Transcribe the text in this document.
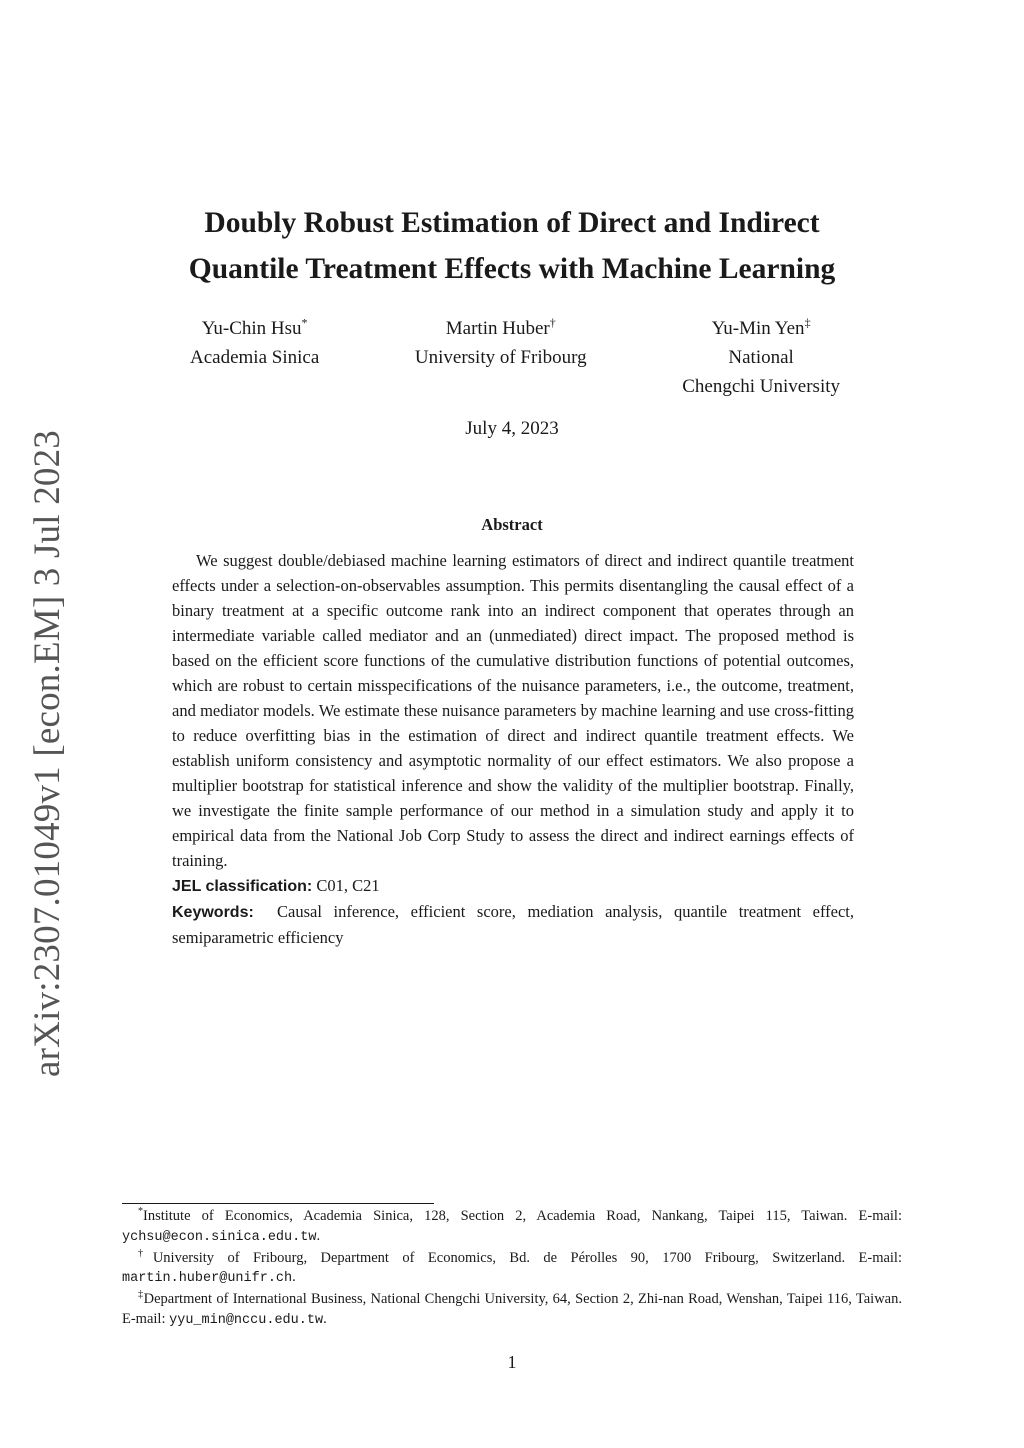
arXiv:2307.01049v1 [econ.EM] 3 Jul 2023
Doubly Robust Estimation of Direct and Indirect
Quantile Treatment Effects with Machine Learning
Yu-Chin Hsu*
Academia Sinica
Martin Huber†
University of Fribourg
Yu-Min Yen‡
National
Chengchi University
July 4, 2023
Abstract

We suggest double/debiased machine learning estimators of direct and indirect quantile treatment effects under a selection-on-observables assumption. This permits disentangling the causal effect of a binary treatment at a specific outcome rank into an indirect component that operates through an intermediate variable called mediator and an (unmediated) direct impact. The proposed method is based on the efficient score functions of the cumulative distribution functions of potential outcomes, which are robust to certain misspecifications of the nuisance parameters, i.e., the outcome, treatment, and mediator models. We estimate these nuisance parameters by machine learning and use cross-fitting to reduce overfitting bias in the estimation of direct and indirect quantile treatment effects. We establish uniform consistency and asymptotic normality of our effect estimators. We also propose a multiplier bootstrap for statistical inference and show the validity of the multiplier bootstrap. Finally, we investigate the finite sample performance of our method in a simulation study and apply it to empirical data from the National Job Corp Study to assess the direct and indirect earnings effects of training.

JEL classification: C01, C21
Keywords: Causal inference, efficient score, mediation analysis, quantile treatment effect, semiparametric efficiency

*Institute of Economics, Academia Sinica, 128, Section 2, Academia Road, Nankang, Taipei 115, Taiwan. E-mail: ychsu@econ.sinica.edu.tw.

†University of Fribourg, Department of Economics, Bd. de Pérolles 90, 1700 Fribourg, Switzerland. E-mail: martin.huber@unifr.ch.

‡Department of International Business, National Chengchi University, 64, Section 2, Zhi-nan Road, Wenshan, Taipei 116, Taiwan. E-mail: yyu_min@nccu.edu.tw.

1
